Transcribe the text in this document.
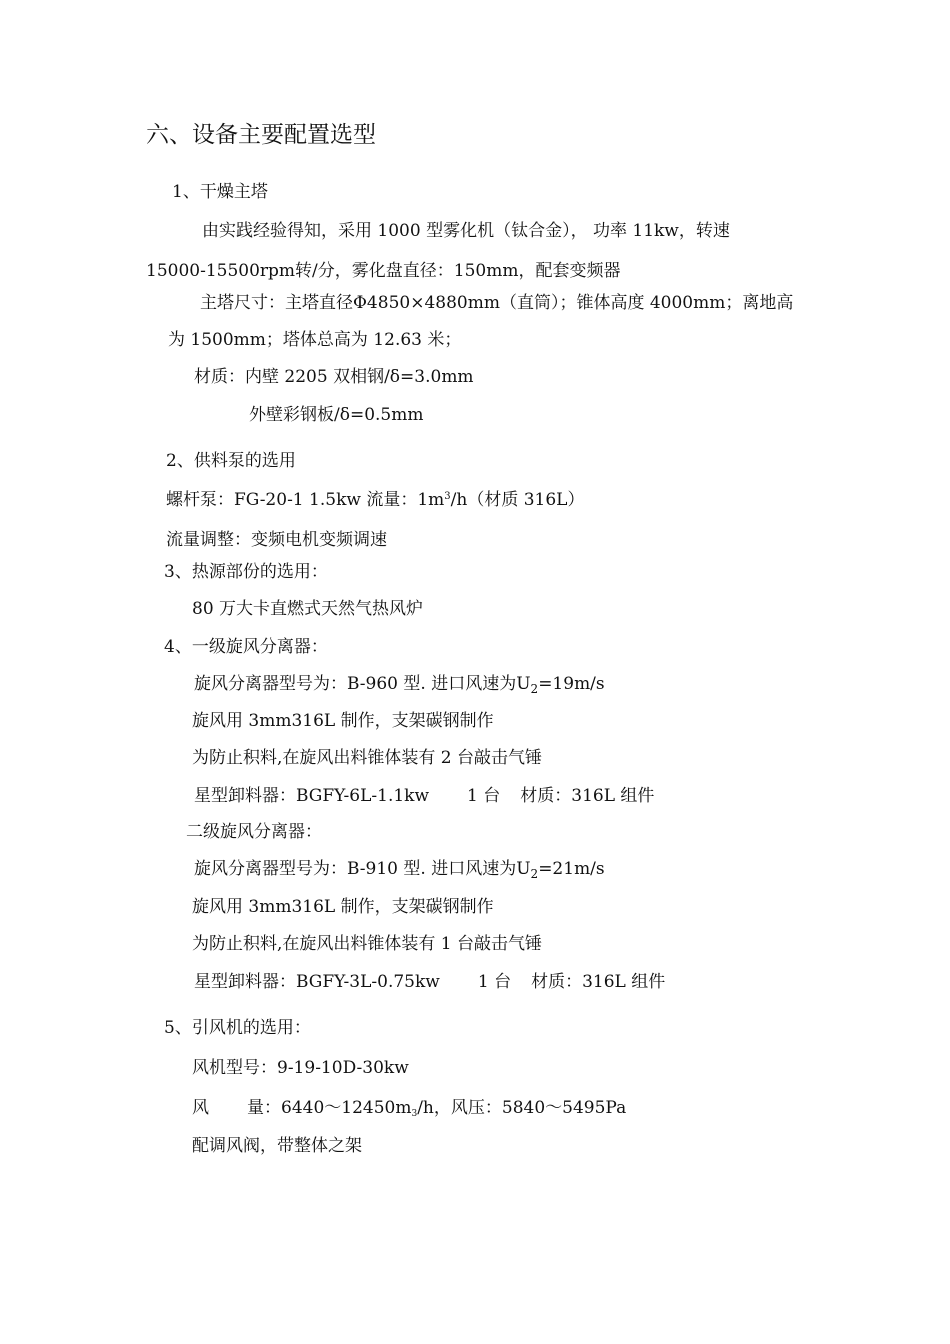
六、设备主要配置选型
1、干燥主塔
由实践经验得知，采用 1000 型雾化机（钛合金）， 功率 11kw，转速
15000-15500rpm转/分，雾化盘直径：150mm，配套变频器
主塔尺寸：主塔直径Φ4850×4880mm（直筒）；锥体高度 4000mm；离地高
为 1500mm；塔体总高为 12.63 米；
材质：内壁 2205 双相钢/δ=3.0mm
外壁彩钢板/δ=0.5mm
2、供料泵的选用
螺杆泵：FG-20-1 1.5kw 流量：$1m^3/h$（材质 316L）
流量调整：变频电机变频调速
3、热源部份的选用：
80 万大卡直燃式天然气热风炉
4、一级旋风分离器：
旋风分离器型号为：B-960 型. 进口风速为$U_2=19m/s$
旋风用 3mm316L 制作，支架碳钢制作
为防止积料,在旋风出料锥体装有 2 台敲击气锤
星型卸料器：BGFY-6L-1.1kw 1 台 材质：316L 组件
二级旋风分离器：
旋风分离器型号为：B-910 型. 进口风速为$U_2=21m/s$
旋风用 3mm316L 制作，支架碳钢制作
为防止积料,在旋风出料锥体装有 1 台敲击气锤
星型卸料器：BGFY-3L-0.75kw 1 台 材质：316L 组件
5、引风机的选用：
风机型号：9-19-10D-30kw
风 量：6440～12450m3/h，风压：5840～5495Pa
配调风阀，带整体之架
